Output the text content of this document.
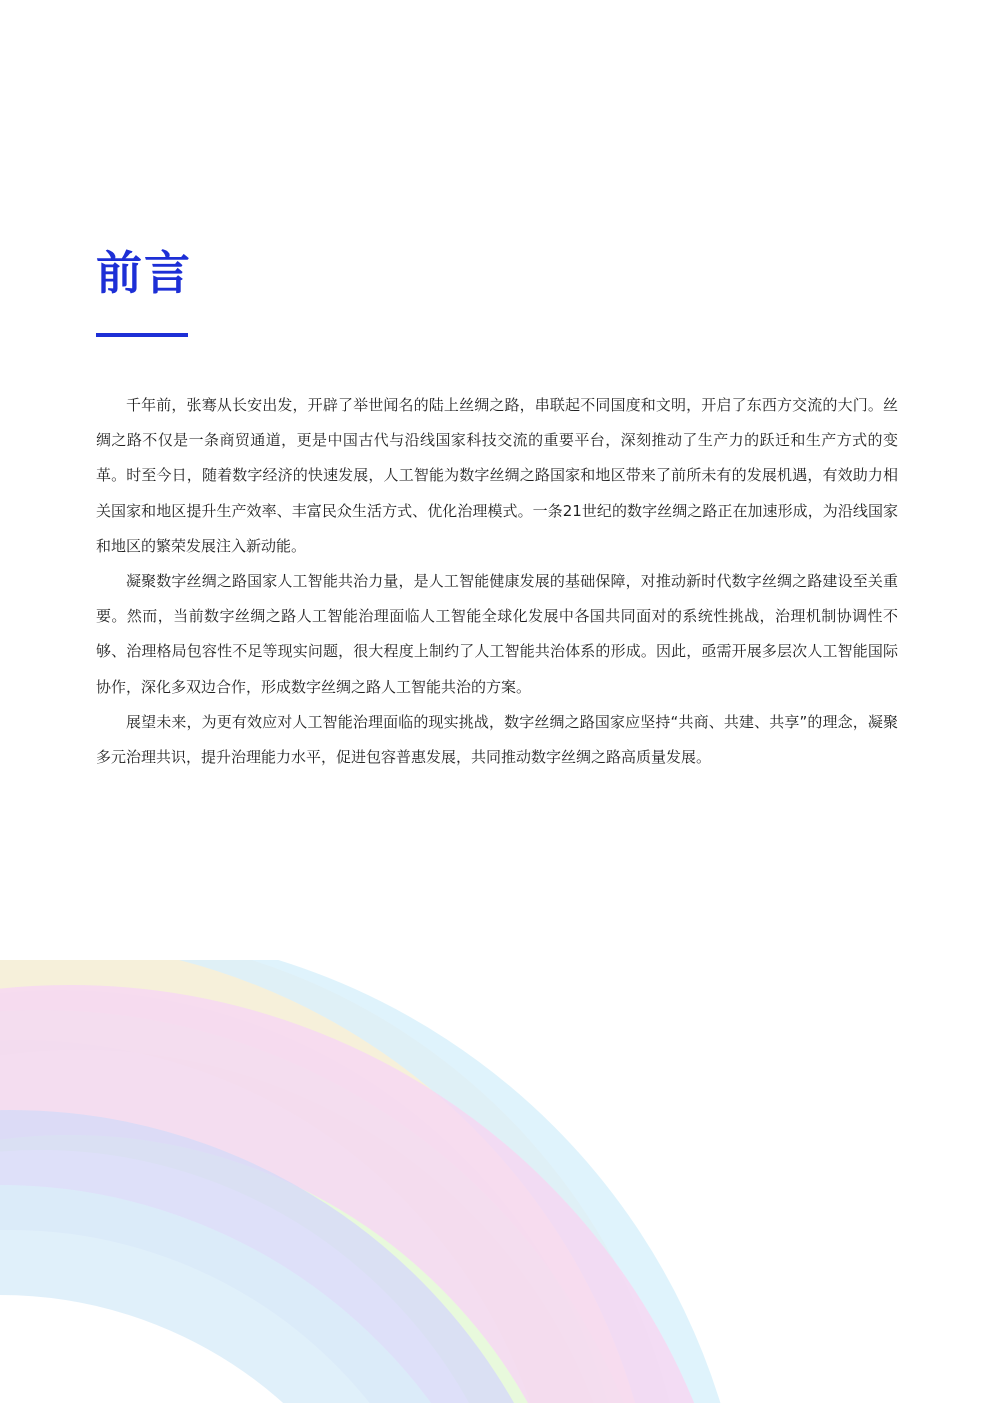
前言

千年前，张骞从长安出发，开辟了举世闻名的陆上丝绸之路，串联起不同国度和文明，开启了东西方交流的大门。丝绸之路不仅是一条商贸通道，更是中国古代与沿线国家科技交流的重要平台，深刻推动了生产力的跃迁和生产方式的变革。时至今日，随着数字经济的快速发展，人工智能为数字丝绸之路国家和地区带来了前所未有的发展机遇，有效助力相关国家和地区提升生产效率、丰富民众生活方式、优化治理模式。一条21世纪的数字丝绸之路正在加速形成，为沿线国家和地区的繁荣发展注入新动能。

凝聚数字丝绸之路国家人工智能共治力量，是人工智能健康发展的基础保障，对推动新时代数字丝绸之路建设至关重要。然而，当前数字丝绸之路人工智能治理面临人工智能全球化发展中各国共同面对的系统性挑战，治理机制协调性不够、治理格局包容性不足等现实问题，很大程度上制约了人工智能共治体系的形成。因此，亟需开展多层次人工智能国际协作，深化多双边合作，形成数字丝绸之路人工智能共治的方案。

展望未来，为更有效应对人工智能治理面临的现实挑战，数字丝绸之路国家应坚持“共商、共建、共享”的理念，凝聚多元治理共识，提升治理能力水平，促进包容普惠发展，共同推动数字丝绸之路高质量发展。
